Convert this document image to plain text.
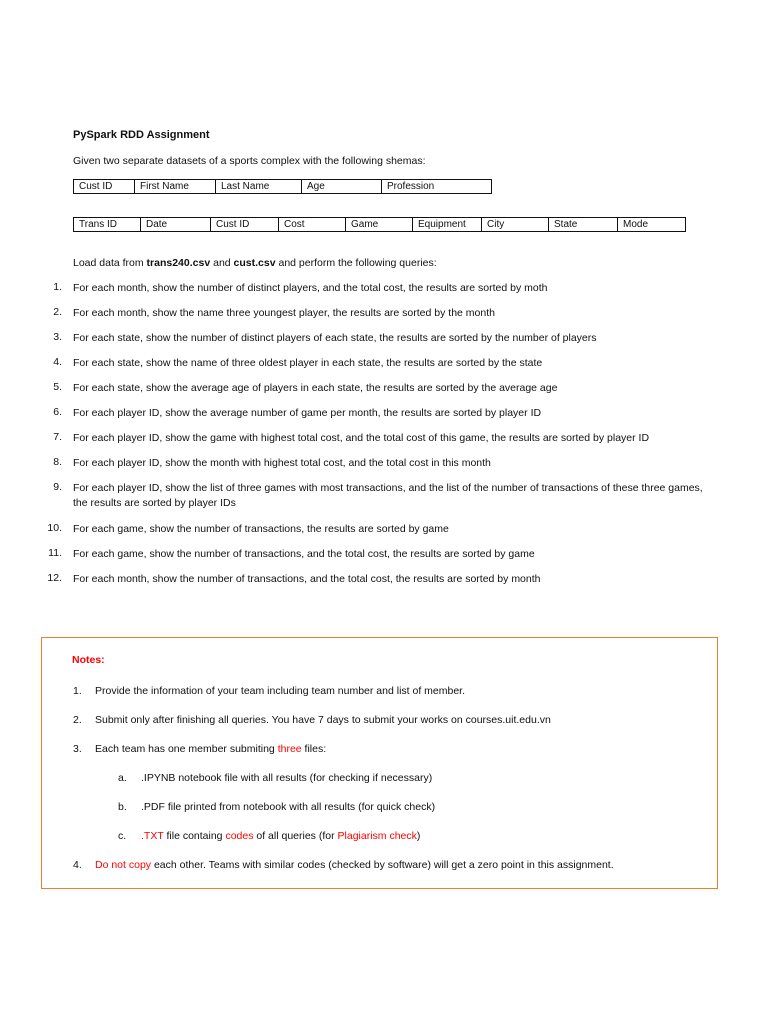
PySpark RDD Assignment
Given two separate datasets of a sports complex with the following shemas:
Cust ID	First Name	Last Name	Age	Profession
Trans ID	Date	Cust ID	Cost	Game	Equipment	City	State	Mode
Load data from trans240.csv and cust.csv and perform the following queries:
1. For each month, show the number of distinct players, and the total cost, the results are sorted by moth
2. For each month, show the name three youngest player, the results are sorted by the month
3. For each state, show the number of distinct players of each state, the results are sorted by the number of players
4. For each state, show the name of three oldest player in each state, the results are sorted by the state
5. For each state, show the average age of players in each state, the results are sorted by the average age
6. For each player ID, show the average number of game per month, the results are sorted by player ID
7. For each player ID, show the game with highest total cost, and the total cost of this game, the results are sorted by player ID
8. For each player ID, show the month with highest total cost, and the total cost in this month
9. For each player ID, show the list of three games with most transactions, and the list of the number of transactions of these three games, the results are sorted by player IDs
10. For each game, show the number of transactions, the results are sorted by game
11. For each game, show the number of transactions, and the total cost, the results are sorted by game
12. For each month, show the number of transactions, and the total cost, the results are sorted by month
Notes:
1. Provide the information of your team including team number and list of member.
2. Submit only after finishing all queries. You have 7 days to submit your works on courses.uit.edu.vn
3. Each team has one member submiting three files:
a. .IPYNB notebook file with all results (for checking if necessary)
b. .PDF file printed from notebook with all results (for quick check)
c. .TXT file containg codes of all queries (for Plagiarism check)
4. Do not copy each other. Teams with similar codes (checked by software) will get a zero point in this assignment.
